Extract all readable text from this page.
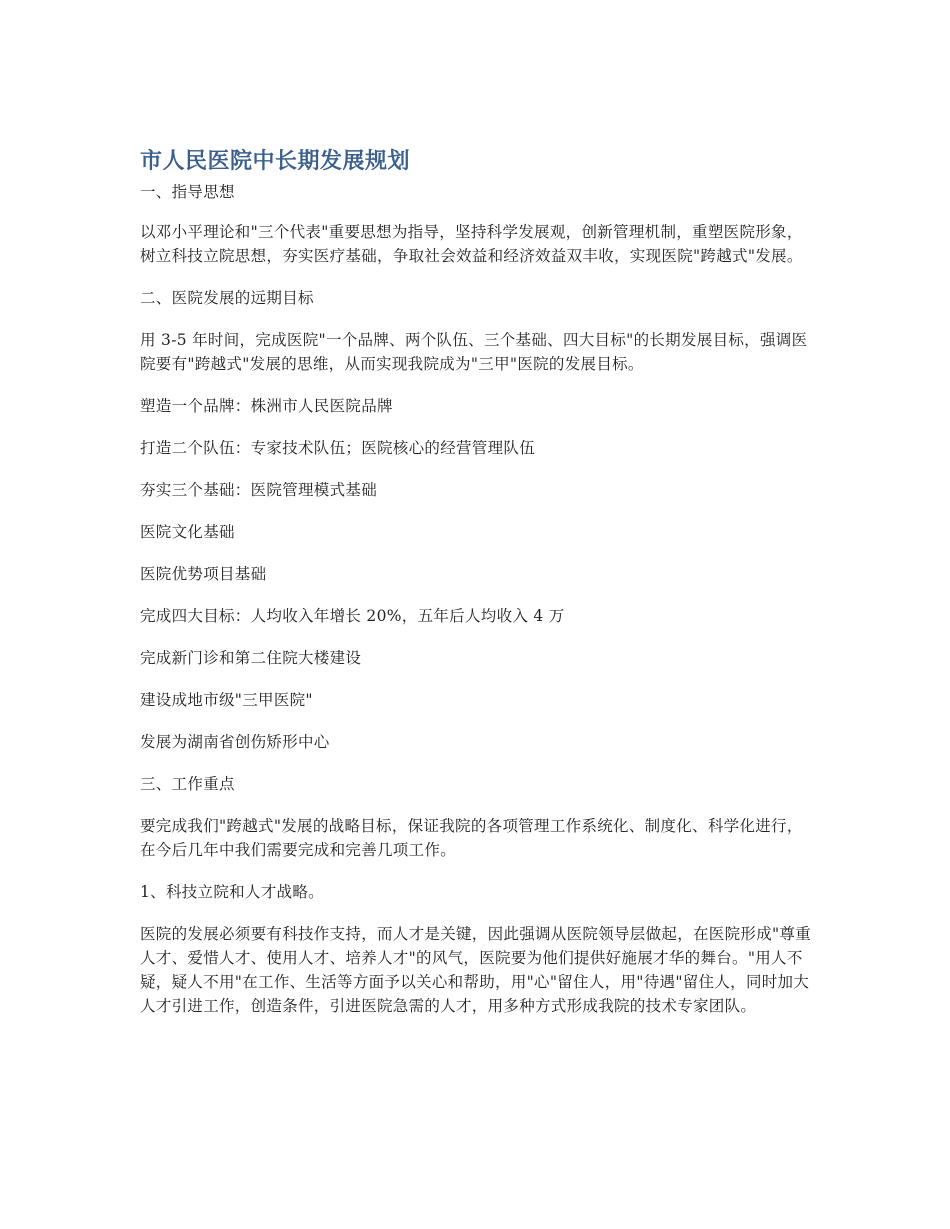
市人民医院中长期发展规划

一、指导思想

以邓小平理论和"三个代表"重要思想为指导，坚持科学发展观，创新管理机制，重塑医院形象，树立科技立院思想，夯实医疗基础，争取社会效益和经济效益双丰收，实现医院"跨越式"发展。

二、医院发展的远期目标

用 3-5 年时间，完成医院"一个品牌、两个队伍、三个基础、四大目标"的长期发展目标，强调医院要有"跨越式"发展的思维，从而实现我院成为"三甲"医院的发展目标。

塑造一个品牌：株洲市人民医院品牌

打造二个队伍：专家技术队伍；医院核心的经营管理队伍

夯实三个基础：医院管理模式基础

医院文化基础

医院优势项目基础

完成四大目标：人均收入年增长 20%，五年后人均收入 4 万

完成新门诊和第二住院大楼建设

建设成地市级"三甲医院"

发展为湖南省创伤矫形中心

三、工作重点

要完成我们"跨越式"发展的战略目标，保证我院的各项管理工作系统化、制度化、科学化进行，在今后几年中我们需要完成和完善几项工作。

1、科技立院和人才战略。

医院的发展必须要有科技作支持，而人才是关键，因此强调从医院领导层做起，在医院形成"尊重人才、爱惜人才、使用人才、培养人才"的风气，医院要为他们提供好施展才华的舞台。"用人不疑，疑人不用"在工作、生活等方面予以关心和帮助，用"心"留住人，用"待遇"留住人，同时加大人才引进工作，创造条件，引进医院急需的人才，用多种方式形成我院的技术专家团队。
